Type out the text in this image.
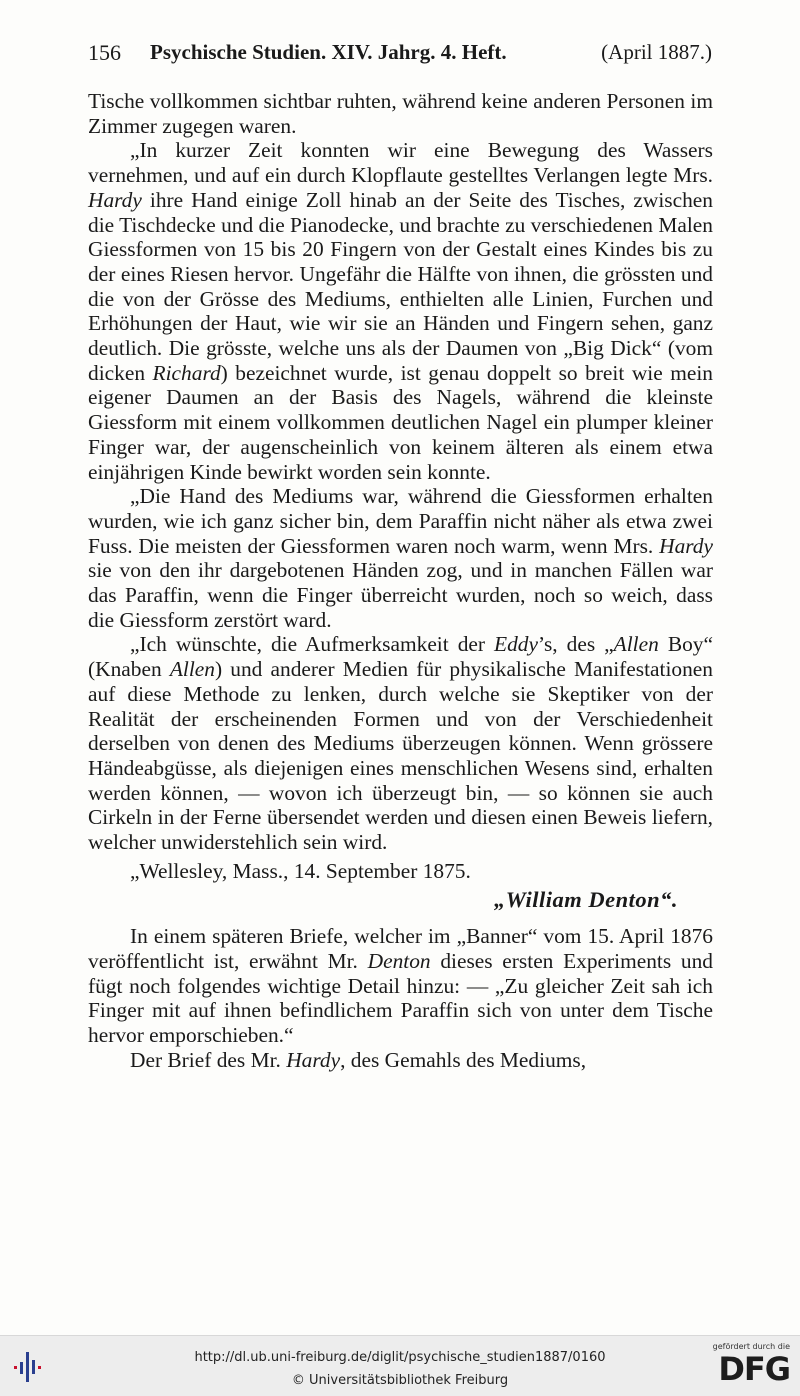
156 Psychische Studien. XIV. Jahrg. 4. Heft.	(April 1887.)

Tische vollkommen sichtbar ruhten, während keine anderen Personen im Zimmer zugegen waren.

„In kurzer Zeit konnten wir eine Bewegung des Wassers vernehmen, und auf ein durch Klopflaute gestelltes Verlangen legte Mrs. Hardy ihre Hand einige Zoll hinab an der Seite des Tisches, zwischen die Tischdecke und die Pianodecke, und brachte zu verschiedenen Malen Giessformen von 15 bis 20 Fingern von der Gestalt eines Kindes bis zu der eines Riesen hervor. Ungefähr die Hälfte von ihnen, die grössten und die von der Grösse des Mediums, enthielten alle Linien, Furchen und Erhöhungen der Haut, wie wir sie an Händen und Fingern sehen, ganz deutlich. Die grösste, welche uns als der Daumen von „Big Dick“ (vom dicken Richard) bezeichnet wurde, ist genau doppelt so breit wie mein eigener Daumen an der Basis des Nagels, während die kleinste Giessform mit einem vollkommen deutlichen Nagel ein plumper kleiner Finger war, der augenscheinlich von keinem älteren als einem etwa einjährigen Kinde bewirkt worden sein konnte.

„Die Hand des Mediums war, während die Giessformen erhalten wurden, wie ich ganz sicher bin, dem Paraffin nicht näher als etwa zwei Fuss. Die meisten der Giessformen waren noch warm, wenn Mrs. Hardy sie von den ihr dargebotenen Händen zog, und in manchen Fällen war das Paraffin, wenn die Finger überreicht wurden, noch so weich, dass die Giessform zerstört ward.

„Ich wünschte, die Aufmerksamkeit der Eddy’s, des „Allen Boy“ (Knaben Allen) und anderer Medien für physikalische Manifestationen auf diese Methode zu lenken, durch welche sie Skeptiker von der Realität der erscheinenden Formen und von der Verschiedenheit derselben von denen des Mediums überzeugen können. Wenn grössere Händeabgüsse, als diejenigen eines menschlichen Wesens sind, erhalten werden können, — wovon ich überzeugt bin, — so können sie auch Cirkeln in der Ferne übersendet werden und diesen einen Beweis liefern, welcher unwiderstehlich sein wird.

„Wellesley, Mass., 14. September 1875.

„William Denton“.

In einem späteren Briefe, welcher im „Banner“ vom 15. April 1876 veröffentlicht ist, erwähnt Mr. Denton dieses ersten Experiments und fügt noch folgendes wichtige Detail hinzu: — „Zu gleicher Zeit sah ich Finger mit auf ihnen befindlichem Paraffin sich von unter dem Tische hervor emporschieben.“

Der Brief des Mr. Hardy, des Gemahls des Mediums,

http://dl.ub.uni-freiburg.de/diglit/psychische_studien1887/0160
© Universitätsbibliothek Freiburg
gefördert durch die
DFG
